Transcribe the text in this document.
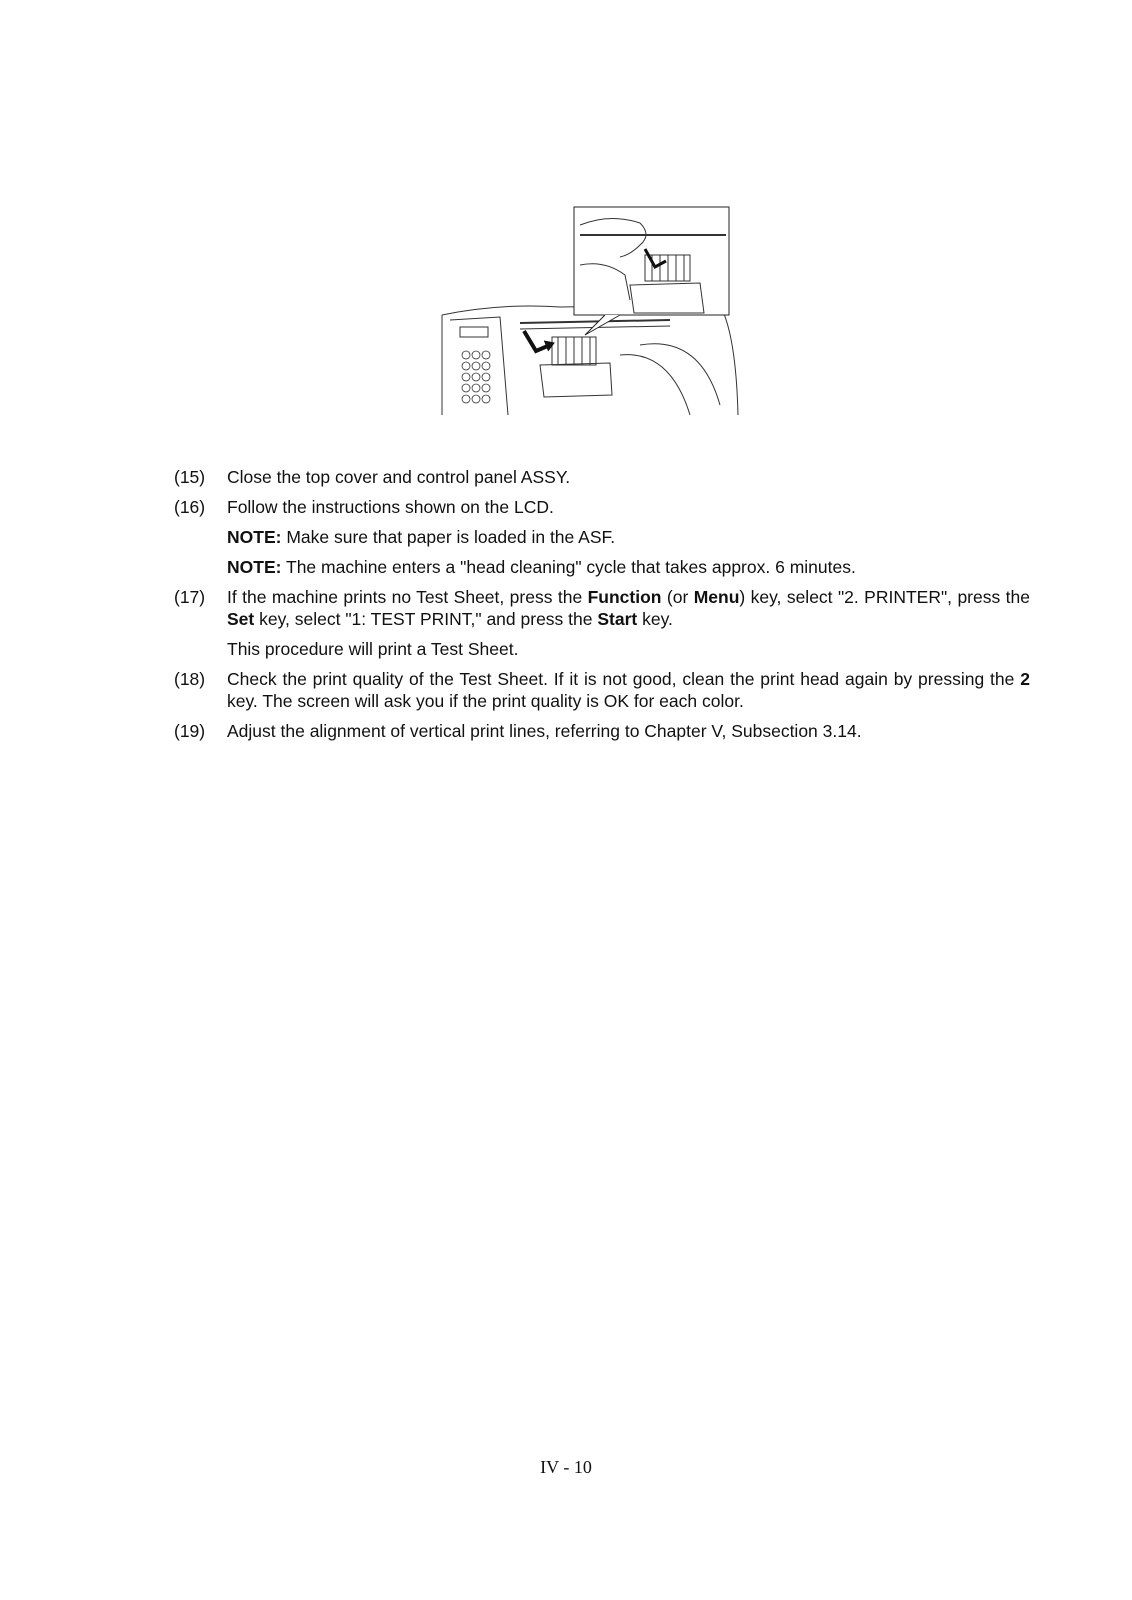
(15)	Close the top cover and control panel ASSY.

(16)	Follow the instructions shown on the LCD.

NOTE: Make sure that paper is loaded in the ASF.

NOTE: The machine enters a "head cleaning" cycle that takes approx. 6 minutes.

(17)	If the machine prints no Test Sheet, press the Function (or Menu) key, select "2. PRINTER", press the Set key, select "1: TEST PRINT," and press the Start key.

This procedure will print a Test Sheet.

(18)	Check the print quality of the Test Sheet. If it is not good, clean the print head again by pressing the 2 key. The screen will ask you if the print quality is OK for each color.

(19)	Adjust the alignment of vertical print lines, referring to Chapter V, Subsection 3.14.

IV - 10
